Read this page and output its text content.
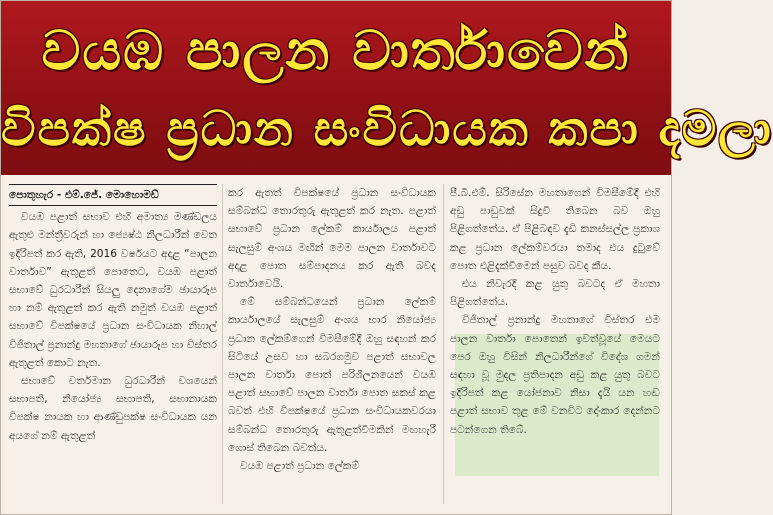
වයඹ පාලන වාර්තාවෙන්
විපක්ෂ ප්‍රධාන සංවිධායක කපා දමලා
පොතුහැර - එම්.ජේ. මොහොමඩ්

වයඹ පළාත් සභාව එහි අමාත්‍ය මණ්ඩලය ඇතුළු මන්ත්‍රීවරුන් හා ජ්‍යෙෂ්ඨ නිලධාරීන් වෙත ඉදිරිපත් කර ඇති, 2016 වර්ෂයට අදාළ “පාලන වාර්තාව” ඇතුළත් පොතෙට, වයඹ පළාත් සභාවේ ධුරධාරීන් සියලු දෙනාගේම ඡායාරූප හා නම් ඇතුළත් කර ඇති නමුත් වයඹ පළාත් සභාවේ විපක්ෂයේ ප්‍රධාන සංවිධායක නිහාල් විජිතාල් ප්‍රනාන්දු මහතාගේ ඡායාරූප හා විස්තර ඇතුළත් කොට නැත.

සභාවේ වර්තමාන ධුරධාරීන් වශයෙන් සභාපති, නියෝජ්‍ය සභාපති, සභානායක විපක්ෂ නායක හා ආණ්ඩුපක්ෂ සංවිධායක යන අයගේ නම් ඇතුළත්

කර ඇතත් විපක්ෂයේ ප්‍රධාන සංවිධායක සම්බන්ධ තොරතුරු ඇතුළත් කර නැත. පළාත් සභාවේ ප්‍රධාන ලේකම් කාර්යාලය පළාත් සැලසුම් අංශය මඟින් මෙම පාලන වාර්තාවට අදාළ පොත සම්පාදනය කර ඇති බවද වාර්තාවෙයි.

මේ සම්බන්ධයෙන් ප්‍රධාන ලේකම් කාර්යාලයේ සැලසුම් අංශය භාර නියෝජ්‍ය ප්‍රධාන ලේකම්ගෙන් විමසීමේදී ඔහු සඳහන් කර සිටියේ උසව හා සබරගමුව පළාත් සභාවල පාලන වාර්තා පොත් පරිශීලනයෙන් වයඹ පළාත් සභාවේ පාලන වාර්තා පොත සකස් කළ බවත් එහි විපක්ෂයේ ප්‍රධාන සංවිධායකවරයා සම්බන්ධ තොරතුරු ඇතුළත්වීමකින් මඟහැරී ගොස් තිබෙන බවත්ය.

වයඹ පළාත් ප්‍රධාන ලේකම්

පී.බී.එම්. සිරිසේන මහතාගෙන් විමසීමේදී එහි අඩු පාඩුවක් සිදුවී තිබෙන බව ඔහු පිළිගත්තේය. ඒ පිළිබඳව දැඩි කනස්සල්ල ප්‍රකාශ කළ ප්‍රධාන ලේකම්වරයා තමාද එය දුටුවේ පොත එළිදැක්වීමෙන් පසුව බවද කීය.

එය නිවැරදි කළ යුතු බවටද ඒ මහතා පිළිගත්තේය.

විජිතාල් ප්‍රනාන්දු මහතාගේ විස්තර එම පාලන වාර්තා පොතෙන් ඉවත්වූයේ මෙයට පෙර ඔහු විසින් නිලධාරීන්ගේ විදේශ ගමන් සඳහා වූ මුදල ප්‍රතිපාදන අඩු කළ යුතු බවට ඉදිරිපත් කළ යෝජනාව නිසා දැයි යන හඬ පළාත් සභාව තුළ මේ වනවිට දෝංකාර දෙන්නට පටන්ගෙන තිබේ.
